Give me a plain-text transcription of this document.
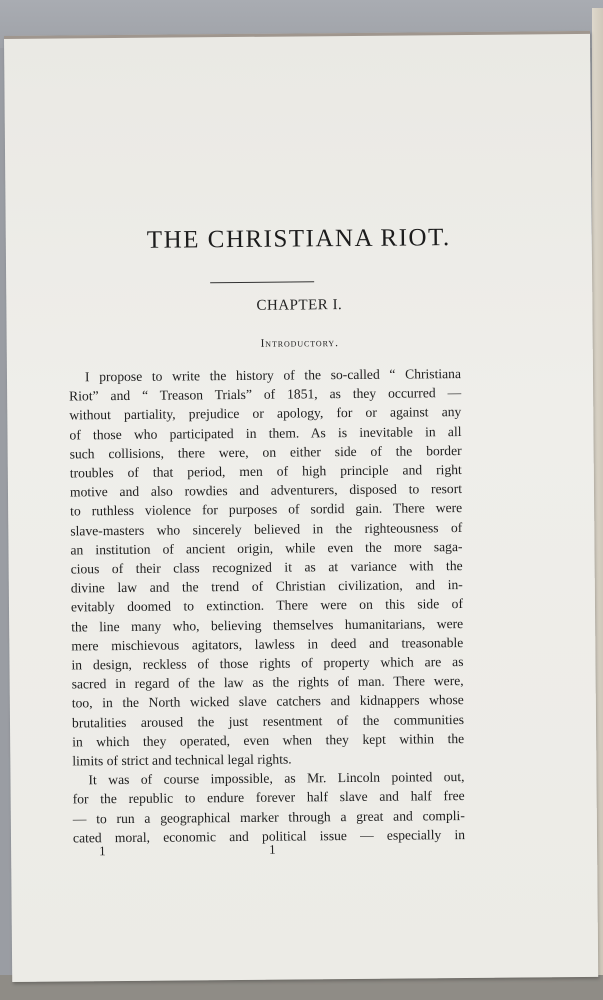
THE CHRISTIANA RIOT.
CHAPTER I.
Introductory.
I propose to write the history of the so-called “ Christiana
Riot” and “ Treason Trials” of 1851, as they occurred —
without partiality, prejudice or apology, for or against any
of those who participated in them. As is inevitable in all
such collisions, there were, on either side of the border
troubles of that period, men of high principle and right
motive and also rowdies and adventurers, disposed to resort
to ruthless violence for purposes of sordid gain. There were
slave-masters who sincerely believed in the righteousness of
an institution of ancient origin, while even the more saga-
cious of their class recognized it as at variance with the
divine law and the trend of Christian civilization, and in-
evitably doomed to extinction. There were on this side of
the line many who, believing themselves humanitarians, were
mere mischievous agitators, lawless in deed and treasonable
in design, reckless of those rights of property which are as
sacred in regard of the law as the rights of man. There were,
too, in the North wicked slave catchers and kidnappers whose
brutalities aroused the just resentment of the communities
in which they operated, even when they kept within the
limits of strict and technical legal rights.
It was of course impossible, as Mr. Lincoln pointed out,
for the republic to endure forever half slave and half free
— to run a geographical marker through a great and compli-
cated moral, economic and political issue — especially in
1	1
